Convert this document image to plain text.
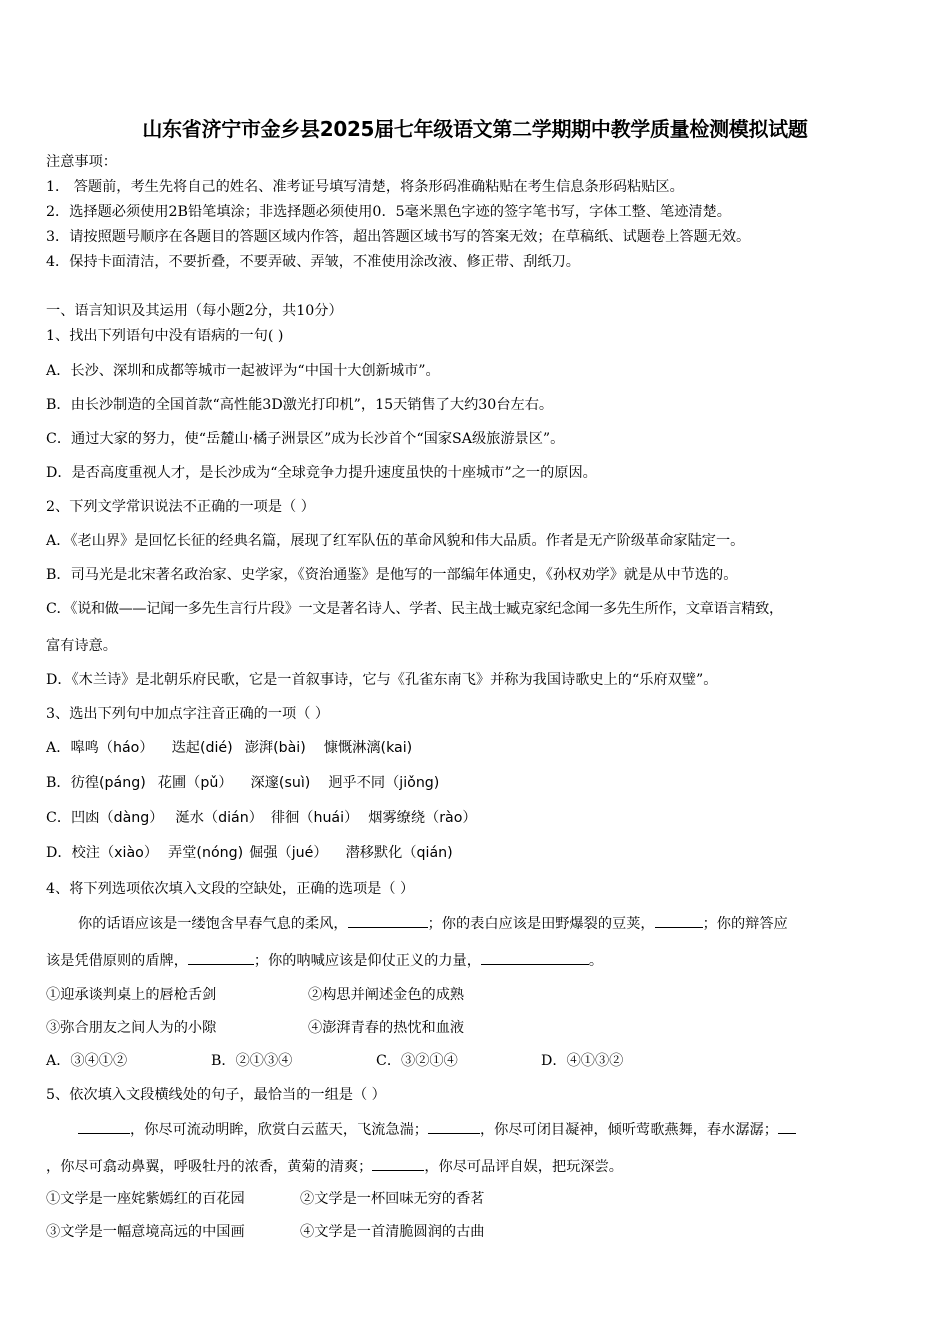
山东省济宁市金乡县2025届七年级语文第二学期期中教学质量检测模拟试题
注意事项：
1． 答题前，考生先将自己的姓名、准考证号填写清楚，将条形码准确粘贴在考生信息条形码粘贴区。
2．选择题必须使用2B铅笔填涂；非选择题必须使用0．5毫米黑色字迹的签字笔书写，字体工整、笔迹清楚。
3．请按照题号顺序在各题目的答题区域内作答，超出答题区域书写的答案无效；在草稿纸、试题卷上答题无效。
4．保持卡面清洁，不要折叠，不要弄破、弄皱，不准使用涂改液、修正带、刮纸刀。
一、语言知识及其运用（每小题2分，共10分）
1、找出下列语句中没有语病的一句( )
A．长沙、深圳和成都等城市一起被评为“中国十大创新城市”。
B．由长沙制造的全国首款“高性能3D激光打印机”，15天销售了大约30台左右。
C．通过大家的努力，使“岳麓山·橘子洲景区”成为长沙首个“国家SA级旅游景区”。
D．是否高度重视人才，是长沙成为“全球竞争力提升速度虽快的十座城市”之一的原因。
2、下列文学常识说法不正确的一项是（ ）
A．《老山界》是回忆长征的经典名篇，展现了红军队伍的革命风貌和伟大品质。作者是无产阶级革命家陆定一。
B．司马光是北宋著名政治家、史学家，《资治通鉴》是他写的一部编年体通史，《孙权劝学》就是从中节选的。
C．《说和做——记闻一多先生言行片段》一文是著名诗人、学者、民主战士臧克家纪念闻一多先生所作，文章语言精致，
富有诗意。
D．《木兰诗》是北朝乐府民歌，它是一首叙事诗，它与《孔雀东南飞》并称为我国诗歌史上的“乐府双璧”。
3、选出下列句中加点字注音正确的一项（ ）
A．嗥鸣（háo） 迭起(dié) 澎湃(bài) 慷慨淋漓(kai)
B．彷徨(páng) 花圃（pǔ） 深邃(suì) 迥乎不同（jiǒng)
C．凹凼（dàng） 涎水（dián） 徘徊（huái） 烟雾缭绕（rào）
D．校注（xiào） 弄堂(nóng) 倔强（jué） 潜移默化（qián)
4、将下列选项依次填入文段的空缺处，正确的选项是（ ）
你的话语应该是一缕饱含早春气息的柔风，	；你的表白应该是田野爆裂的豆荚，	；你的辩答应
该是凭借原则的盾牌，	；你的呐喊应该是仰仗正义的力量，	。
①迎承谈判桌上的唇枪舌剑	②构思并阐述金色的成熟
③弥合朋友之间人为的小隙	④澎湃青春的热忱和血液
A．③④①②	B．②①③④	C．③②①④	D．④①③②
5、依次填入文段横线处的句子，最恰当的一组是（ ）
，你尽可流动明眸，欣赏白云蓝天，飞流急湍；	，你尽可闭目凝神，倾听莺歌燕舞，春水潺潺；
，你尽可翕动鼻翼，呼吸牡丹的浓香，黄菊的清爽；	，你尽可品评自娱，把玩深尝。
①文学是一座姹紫嫣红的百花园	②文学是一杯回味无穷的香茗
③文学是一幅意境高远的中国画	④文学是一首清脆圆润的古曲
